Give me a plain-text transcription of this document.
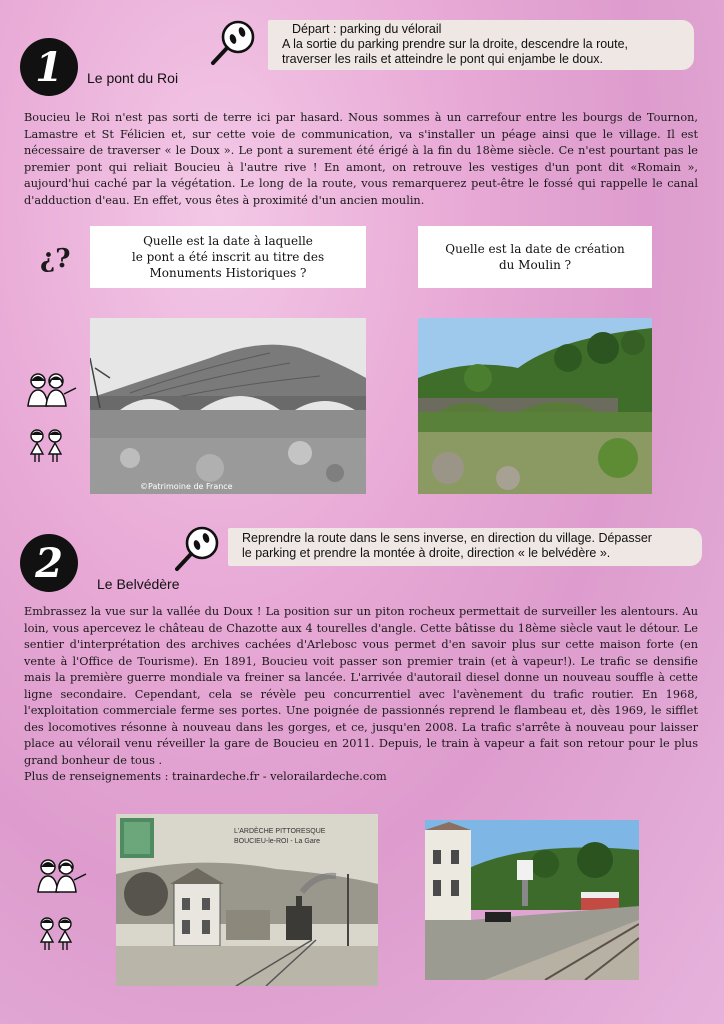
1 Le pont du Roi
Départ : parking du vélorail
A la sortie du parking prendre sur la droite, descendre la route,
traverser les rails et atteindre le pont qui enjambe le doux.
Boucieu le Roi n'est pas sorti de terre ici par hasard. Nous sommes à un carrefour entre les bourgs de Tournon, Lamastre et St Félicien et, sur cette voie de communication, va s'installer un péage ainsi que le village. Il est nécessaire de traverser « le Doux ». Le pont a surement été érigé à la fin du 18ème siècle. Ce n'est pourtant pas le premier pont qui reliait Boucieu à l'autre rive ! En amont, on retrouve les vestiges d'un pont dit «Romain », aujourd'hui caché par la végétation. Le long de la route, vous remarquerez peut-être le fossé qui rappelle le canal d'adduction d'eau. En effet, vous êtes à proximité d'un ancien moulin.
¿?
Quelle est la date à laquelle
le pont a été inscrit au titre des
Monuments Historiques ?
Quelle est la date de création
du Moulin ?
©Patrimoine de France
2 Le Belvédère
Reprendre la route dans le sens inverse, en direction du village. Dépasser
le parking et prendre la montée à droite, direction « le belvédère ».
Embrassez la vue sur la vallée du Doux ! La position sur un piton rocheux permettait de surveiller les alentours. Au loin, vous apercevez le château de Chazotte aux 4 tourelles d'angle. Cette bâtisse du 18ème siècle vaut le détour. Le sentier d'interprétation des archives cachées d'Arlebosc vous permet d'en savoir plus sur cette maison forte (en vente à l'Office de Tourisme). En 1891, Boucieu voit passer son premier train (et à vapeur!). Le trafic se densifie mais la première guerre mondiale va freiner sa lancée. L'arrivée d'autorail diesel donne un nouveau souffle à cette ligne secondaire. Cependant, cela se révèle peu concurrentiel avec l'avènement du trafic routier. En 1968, l'exploitation commerciale ferme ses portes. Une poignée de passionnés reprend le flambeau et, dès 1969, le sifflet des locomotives résonne à nouveau dans les gorges, et ce, jusqu'en 2008. La trafic s'arrête à nouveau pour laisser place au vélorail venu réveiller la gare de Boucieu en 2011. Depuis, le train à vapeur a fait son retour pour le plus grand bonheur de tous .
Plus de renseignements : trainardeche.fr - velorailardeche.com
L'ARDÈCHE PITTORESQUE
BOUCIEU-le-ROI - La Gare
